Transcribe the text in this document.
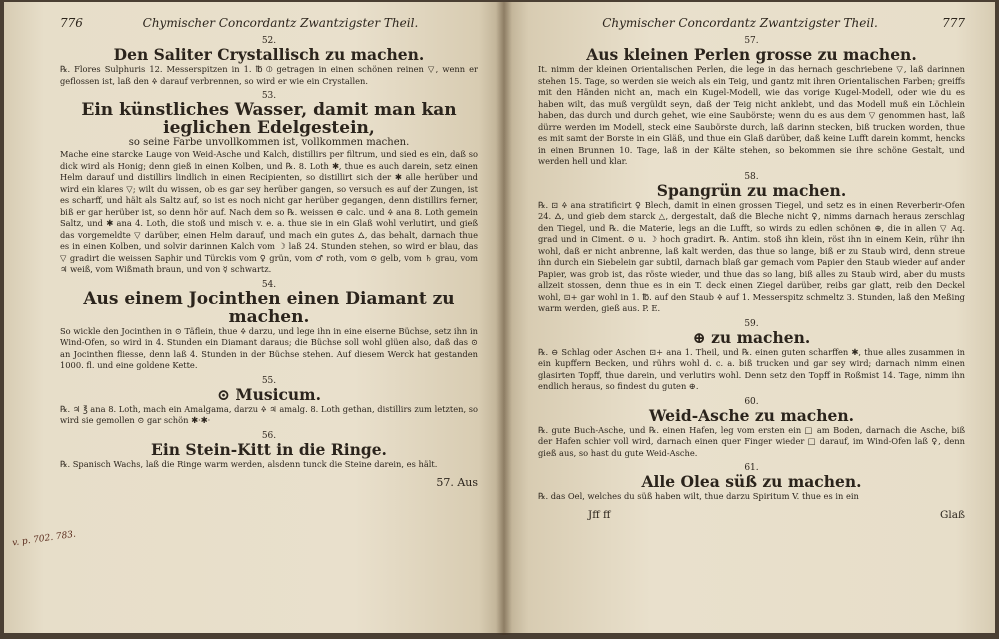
776	Chymischer Concordantz Zwantzigster Theil.
52.
Den Saliter Crystallisch zu machen.
℞. Flores Sulphuris 12. Messerspitzen in 1. ℔ ⦶ getragen in einen schönen reinen ▽, wenn er geflossen ist, laß den 🜍 darauf verbrennen, so wird er wie ein Crystallen.
53.
Ein künstliches Wasser, damit man kan ieglichen Edelgestein,
so seine Farbe unvollkommen ist, vollkommen machen.
Mache eine starcke Lauge von Weid-Asche und Kalch, distillirs per filtrum, und sied es ein, daß so dick wird als Honig; denn gieß in einen Kolben, und ℞. 8. Loth ✱, thue es auch darein, setz einen Helm darauf und distillirs lindlich in einen Recipienten, so distillirt sich der ✱ alle herüber und wird ein klares ▽; wilt du wissen, ob es gar sey herüber gangen, so versuch es auf der Zungen, ist es scharff, und hält als Saltz auf, so ist es noch nicht gar herüber gegangen, denn distillirs ferner, biß er gar herüber ist, so denn hör auf. Nach dem so ℞. weissen ⊖ calc. und 🜍 ana 8. Loth gemein Saltz, und ✱ ana 4. Loth, die stoß und misch v. e. a. thue sie in ein Glaß wohl verlutirt, und gieß das vorgemeldte ▽ darüber, einen Helm darauf, und mach ein gutes 🜂, das behalt, darnach thue es in einen Kolben, und solvir darinnen Kalch vom ☽ laß 24. Stunden stehen, so wird er blau, das ▽ gradirt die weissen Saphir und Türckis vom ♀ grün, vom ♂ roth, vom ⊙ gelb, vom ♄ grau, vom ♃ weiß, vom Wißmath braun, und von ☿ schwartz.
54.
Aus einem Jocinthen einen Diamant zu machen.
So wickle den Jocinthen in ⊙ Täflein, thue 🜍 darzu, und lege ihn in eine eiserne Büchse, setz ihn in Wind-Ofen, so wird in 4. Stunden ein Diamant daraus; die Büchse soll wohl glüen also, daß das ⊙ an Jocinthen fliesse, denn laß 4. Stunden in der Büchse stehen. Auf diesem Werck hat gestanden 1000. fl. und eine goldene Kette.
55.
⊙ Musicum.
℞. ♃ ℥ ana 8. Loth, mach ein Amalgama, darzu 🜍 ♃ amalg. 8. Loth gethan, distillirs zum letzten, so wird sie gemollen ⊙ gar schön ✱·✱·
56.
Ein Stein-Kitt in die Ringe.
℞. Spanisch Wachs, laß die Ringe warm werden, alsdenn tunck die Steine darein, es hält.
57. Aus
v. p. 702. 783.
Chymischer Concordantz Zwantzigster Theil.	777
57.
Aus kleinen Perlen grosse zu machen.
It. nimm der kleinen Orientalischen Perlen, die lege in das hernach geschriebene ▽, laß darinnen stehen 15. Tage, so werden sie weich als ein Teig, und gantz mit ihren Orientalischen Farben; greiffs mit den Händen nicht an, mach ein Kugel-Modell, wie das vorige Kugel-Modell, oder wie du es haben wilt, das muß vergüldt seyn, daß der Teig nicht anklebt, und das Modell muß ein Löchlein haben, das durch und durch gehet, wie eine Saubörste; wenn du es aus dem ▽ genommen hast, laß dürre werden im Modell, steck eine Saubörste durch, laß darinn stecken, biß trucken worden, thue es mit samt der Borste in ein Gläß, und thue ein Glaß darüber, daß keine Lufft darein kommt, hencks in einen Brunnen 10. Tage, laß in der Kälte stehen, so bekommen sie ihre schöne Gestalt, und werden hell und klar.
58.
Spangrün zu machen.
℞. ⊡ 🜍 ana stratificirt ♀ Blech, damit in einen grossen Tiegel, und setz es in einen Reverberir-Ofen 24. 🜂, und gieb dem starck △, dergestalt, daß die Bleche nicht ♀, nimms darnach heraus zerschlag den Tiegel, und ℞. die Materie, legs an die Lufft, so wirds zu edlen schönen ⊕, die in allen ▽ Aq. grad und in Ciment. ⊙ u. ☽ hoch gradirt. ℞. Antim. stoß ihn klein, röst ihn in einem Kein, rühr ihn wohl, daß er nicht anbrenne, laß kalt werden, das thue so lange, biß er zu Staub wird, denn streue ihn durch ein Siebelein gar subtil, darnach blaß gar gemach vom Papier den Staub wieder auf ander Papier, was grob ist, das röste wieder, und thue das so lang, biß alles zu Staub wird, aber du musts allzeit stossen, denn thue es in ein T. deck einen Ziegel darüber, reibs gar glatt, reib den Deckel wohl, ⊡+ gar wohl in 1. ℔. auf den Staub 🜍 auf 1. Messerspitz schmeltz 3. Stunden, laß den Meßing warm werden, gieß aus. P. E.
59.
⊕ zu machen.
℞. ⊖ Schlag oder Aschen ⊡+ ana 1. Theil, und ℞. einen guten scharffen ✱, thue alles zusammen in ein kupffern Becken, und rührs wohl d. c. a. biß trucken und gar sey wird; darnach nimm einen glasirten Topff, thue darein, und verlutirs wohl. Denn setz den Topff in Roßmist 14. Tage, nimm ihn endlich heraus, so findest du guten ⊕.
60.
Weid-Asche zu machen.
℞. gute Buch-Asche, und ℞. einen Hafen, leg vom ersten ein □ am Boden, darnach die Asche, biß der Hafen schier voll wird, darnach einen quer Finger wieder □ darauf, im Wind-Ofen laß ♀, denn gieß aus, so hast du gute Weid-Asche.
61.
Alle Olea süß zu machen.
℞. das Oel, welches du süß haben wilt, thue darzu Spiritum V. thue es in ein
Jff ff	Glaß
